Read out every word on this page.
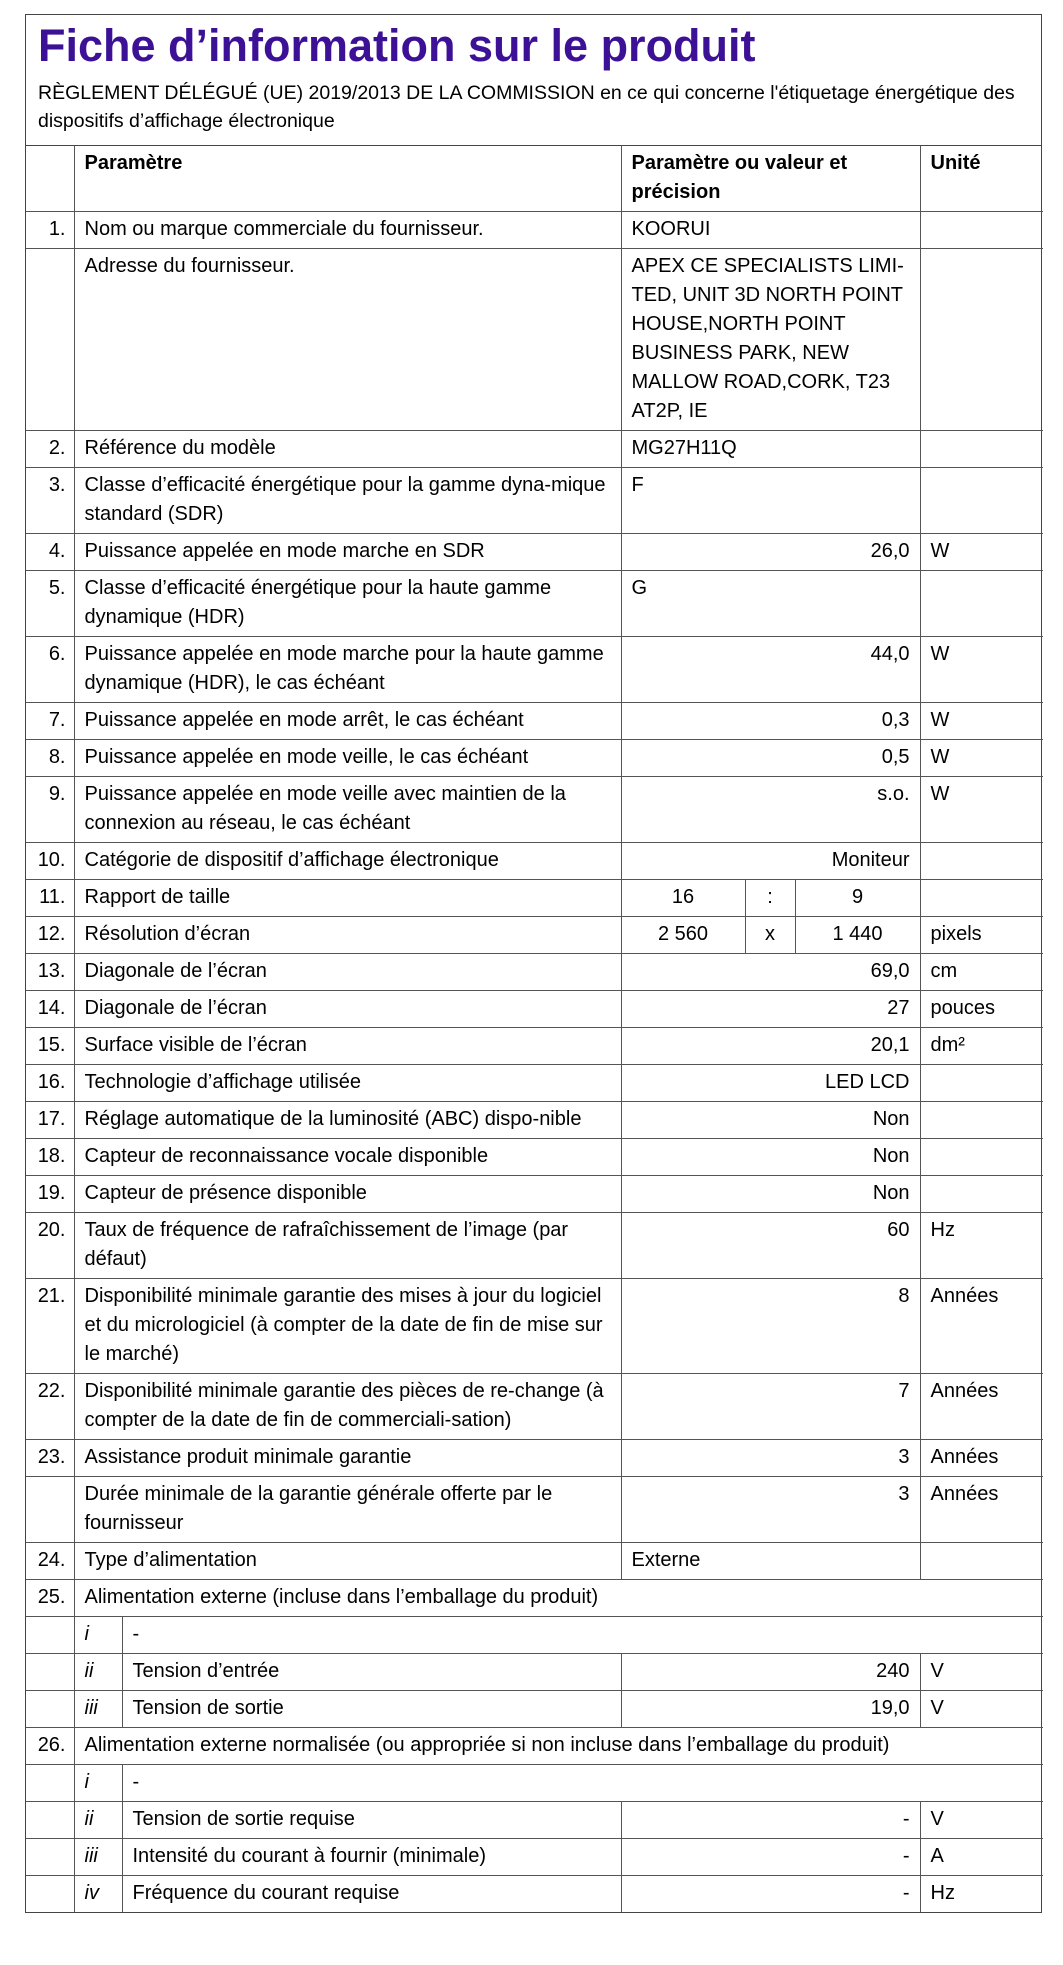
Fiche d’information sur le produit
RÈGLEMENT DÉLÉGUÉ (UE) 2019/2013 DE LA COMMISSION en ce qui concerne l'étiquetage énergétique des dispositifs d’affichage électronique
	Paramètre		Paramètre ou valeur et précision			Unité
1.	Nom ou marque commerciale du fournisseur.		KOORUI			
	Adresse du fournisseur.		APEX CE SPECIALISTS LIMI-TED, UNIT 3D NORTH POINT HOUSE,NORTH POINT BUSINESS PARK, NEW MALLOW ROAD,CORK, T23 AT2P, IE			
2.	Référence du modèle		MG27H11Q			
3.	Classe d’efficacité énergétique pour la gamme dyna-mique standard (SDR)		F			
4.	Puissance appelée en mode marche en SDR		26,0			W
5.	Classe d’efficacité énergétique pour la haute gamme dynamique (HDR)		G			
6.	Puissance appelée en mode marche pour la haute gamme dynamique (HDR), le cas échéant		44,0			W
7.	Puissance appelée en mode arrêt, le cas échéant		0,3			W
8.	Puissance appelée en mode veille, le cas échéant		0,5			W
9.	Puissance appelée en mode veille avec maintien de la connexion au réseau, le cas échéant		s.o.			W
10.	Catégorie de dispositif d’affichage électronique		Moniteur			
11.	Rapport de taille		16	:	9	
12.	Résolution d’écran		2 560	x	1 440	pixels
13.	Diagonale de l’écran		69,0			cm
14.	Diagonale de l’écran		27			pouces
15.	Surface visible de l’écran		20,1			dm²
16.	Technologie d’affichage utilisée		LED LCD			
17.	Réglage automatique de la luminosité (ABC) dispo-nible		Non			
18.	Capteur de reconnaissance vocale disponible		Non			
19.	Capteur de présence disponible		Non			
20.	Taux de fréquence de rafraîchissement de l’image (par défaut)		60			Hz
21.	Disponibilité minimale garantie des mises à jour du logiciel et du micrologiciel (à compter de la date de fin de mise sur le marché)		8			Années
22.	Disponibilité minimale garantie des pièces de re-change (à compter de la date de fin de commerciali-sation)		7			Années
23.	Assistance produit minimale garantie		3			Années
	Durée minimale de la garantie générale offerte par le fournisseur		3			Années
24.	Type d’alimentation		Externe			
25.	Alimentation externe (incluse dans l’emballage du produit)					
	i	-				
	ii	Tension d’entrée	240			V
	iii	Tension de sortie	19,0			V
26.	Alimentation externe normalisée (ou appropriée si non incluse dans l’emballage du produit)					
	i	-				
	ii	Tension de sortie requise	-			V
	iii	Intensité du courant à fournir (minimale)	-			A
	iv	Fréquence du courant requise	-			Hz
